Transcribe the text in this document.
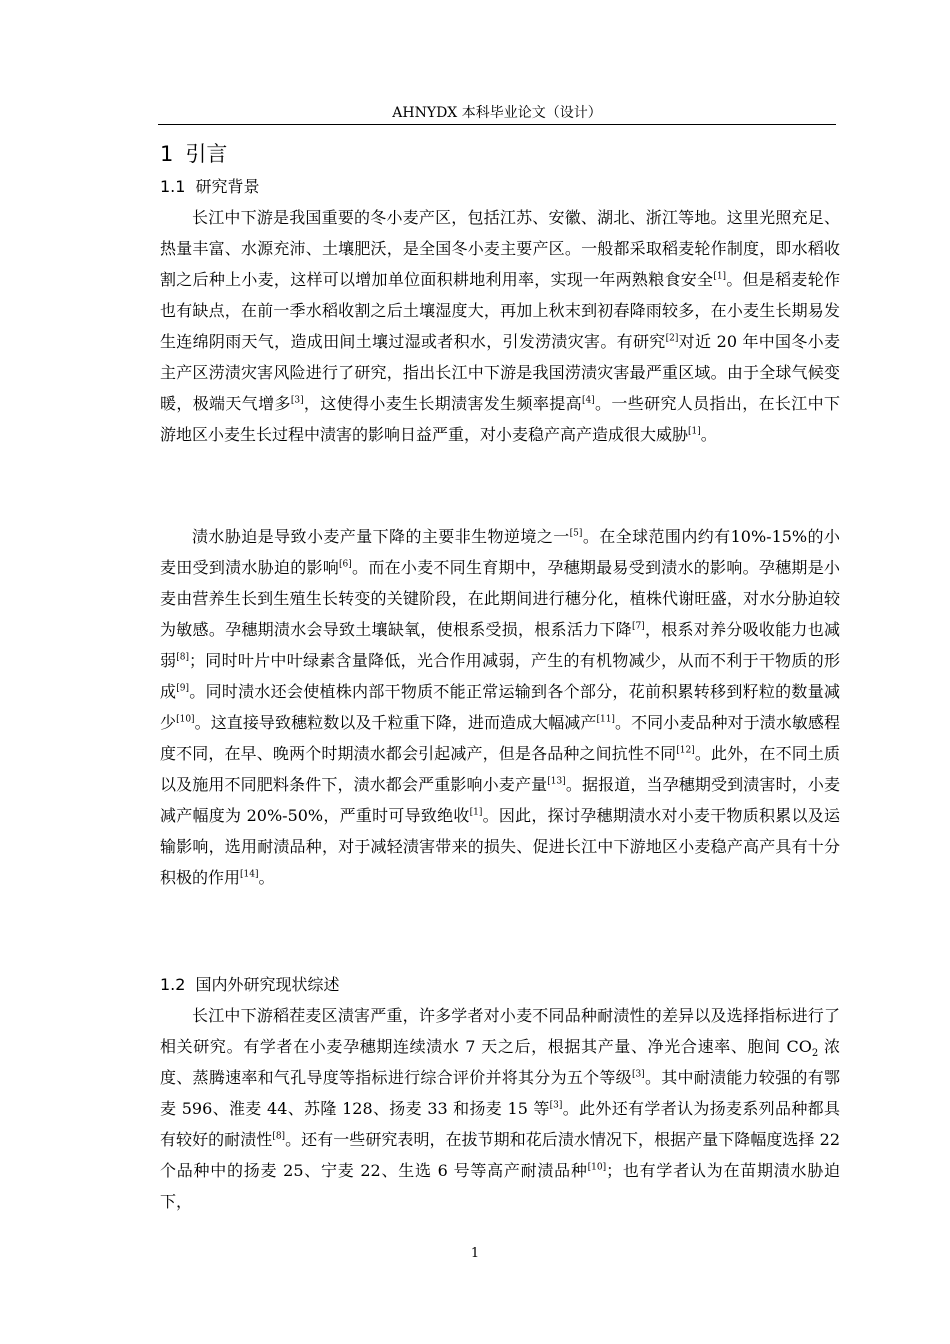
AHNYDX 本科毕业论文（设计）
1 引言
1.1 研究背景

长江中下游是我国重要的冬小麦产区，包括江苏、安徽、湖北、浙江等地。这里光照充足、热量丰富、水源充沛、土壤肥沃，是全国冬小麦主要产区。一般都采取稻麦轮作制度，即水稻收割之后种上小麦，这样可以增加单位面积耕地利用率，实现一年两熟粮食安全[1]。但是稻麦轮作也有缺点，在前一季水稻收割之后土壤湿度大，再加上秋末到初春降雨较多，在小麦生长期易发生连绵阴雨天气，造成田间土壤过湿或者积水，引发涝渍灾害。有研究[2]对近 20 年中国冬小麦主产区涝渍灾害风险进行了研究，指出长江中下游是我国涝渍灾害最严重区域。由于全球气候变暖，极端天气增多[3]，这使得小麦生长期渍害发生频率提高[4]。一些研究人员指出，在长江中下游地区小麦生长过程中渍害的影响日益严重，对小麦稳产高产造成很大威胁[1]。

渍水胁迫是导致小麦产量下降的主要非生物逆境之一[5]。在全球范围内约有10%-15%的小麦田受到渍水胁迫的影响[6]。而在小麦不同生育期中，孕穗期最易受到渍水的影响。孕穗期是小麦由营养生长到生殖生长转变的关键阶段，在此期间进行穗分化，植株代谢旺盛，对水分胁迫较为敏感。孕穗期渍水会导致土壤缺氧，使根系受损，根系活力下降[7]，根系对养分吸收能力也减弱[8]；同时叶片中叶绿素含量降低，光合作用减弱，产生的有机物减少，从而不利于干物质的形成[9]。同时渍水还会使植株内部干物质不能正常运输到各个部分，花前积累转移到籽粒的数量减少[10]。这直接导致穗粒数以及千粒重下降，进而造成大幅减产[11]。不同小麦品种对于渍水敏感程度不同，在早、晚两个时期渍水都会引起减产，但是各品种之间抗性不同[12]。此外，在不同土质以及施用不同肥料条件下，渍水都会严重影响小麦产量[13]。据报道，当孕穗期受到渍害时，小麦减产幅度为 20%-50%，严重时可导致绝收[1]。因此，探讨孕穗期渍水对小麦干物质积累以及运输影响，选用耐渍品种，对于减轻渍害带来的损失、促进长江中下游地区小麦稳产高产具有十分积极的作用[14]。

1.2 国内外研究现状综述

长江中下游稻茬麦区渍害严重，许多学者对小麦不同品种耐渍性的差异以及选择指标进行了相关研究。有学者在小麦孕穗期连续渍水 7 天之后，根据其产量、净光合速率、胞间 $CO_2$ 浓度、蒸腾速率和气孔导度等指标进行综合评价并将其分为五个等级[3]。其中耐渍能力较强的有鄂麦 596、淮麦 44、苏隆 128、扬麦 33 和扬麦 15 等[3]。此外还有学者认为扬麦系列品种都具有较好的耐渍性[8]。还有一些研究表明，在拔节期和花后渍水情况下，根据产量下降幅度选择 22 个品种中的扬麦 25、宁麦 22、生选 6 号等高产耐渍品种[10]；也有学者认为在苗期渍水胁迫下，

1
